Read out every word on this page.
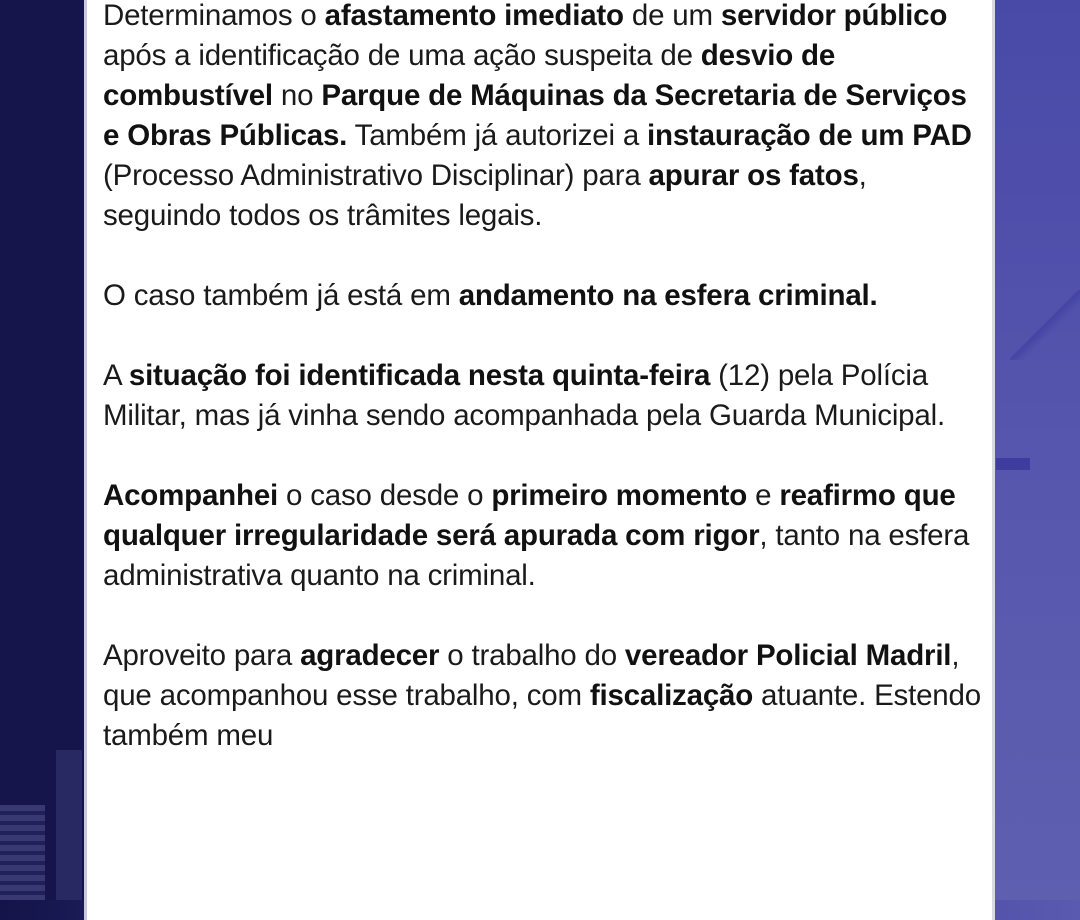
Determinamos o afastamento imediato de um servidor público após a identificação de uma ação suspeita de desvio de combustível no Parque de Máquinas da Secretaria de Serviços e Obras Públicas. Também já autorizei a instauração de um PAD (Processo Administrativo Disciplinar) para apurar os fatos, seguindo todos os trâmites legais.

O caso também já está em andamento na esfera criminal.

A situação foi identificada nesta quinta-feira (12) pela Polícia Militar, mas já vinha sendo acompanhada pela Guarda Municipal.

Acompanhei o caso desde o primeiro momento e reafirmo que qualquer irregularidade será apurada com rigor, tanto na esfera administrativa quanto na criminal.

Aproveito para agradecer o trabalho do vereador Policial Madril, que acompanhou esse trabalho, com fiscalização atuante. Estendo também meu
